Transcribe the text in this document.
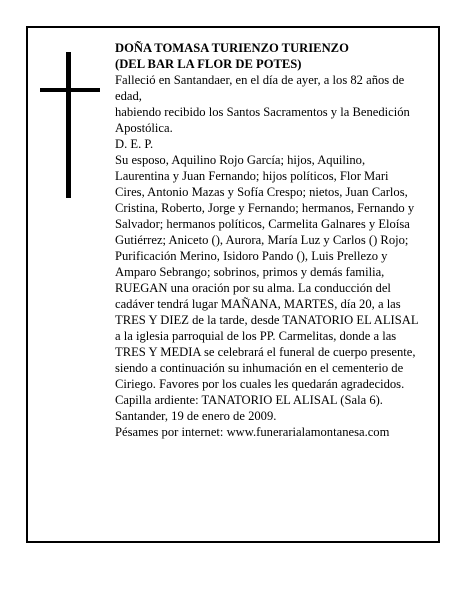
DOÑA TOMASA TURIENZO TURIENZO
(DEL BAR LA FLOR DE POTES)
Falleció en Santandaer, en el día de ayer, a los 82 años de edad,
habiendo recibido los Santos Sacramentos y la Benedición Apostólica.
D. E. P.
Su esposo, Aquilino Rojo García; hijos, Aquilino, Laurentina y Juan Fernando; hijos políticos, Flor Mari Cires, Antonio Mazas y Sofía Crespo; nietos, Juan Carlos, Cristina, Roberto, Jorge y Fernando; hermanos, Fernando y Salvador; hermanos políticos, Carmelita Galnares y Eloísa Gutiérrez; Aniceto (), Aurora, María Luz y Carlos () Rojo; Purificación Merino, Isidoro Pando (), Luis Prellezo y Amparo Sebrango; sobrinos, primos y demás familia,
RUEGAN una oración por su alma. La conducción del cadáver tendrá lugar MAÑANA, MARTES, día 20, a las TRES Y DIEZ de la tarde, desde TANATORIO EL ALISAL a la iglesia parroquial de los PP. Carmelitas, donde a las TRES Y MEDIA se celebrará el funeral de cuerpo presente, siendo a continuación su inhumación en el cementerio de Ciriego. Favores por los cuales les quedarán agradecidos.
Capilla ardiente: TANATORIO EL ALISAL (Sala 6).
Santander, 19 de enero de 2009.
Pésames por internet: www.funerarialamontanesa.com
